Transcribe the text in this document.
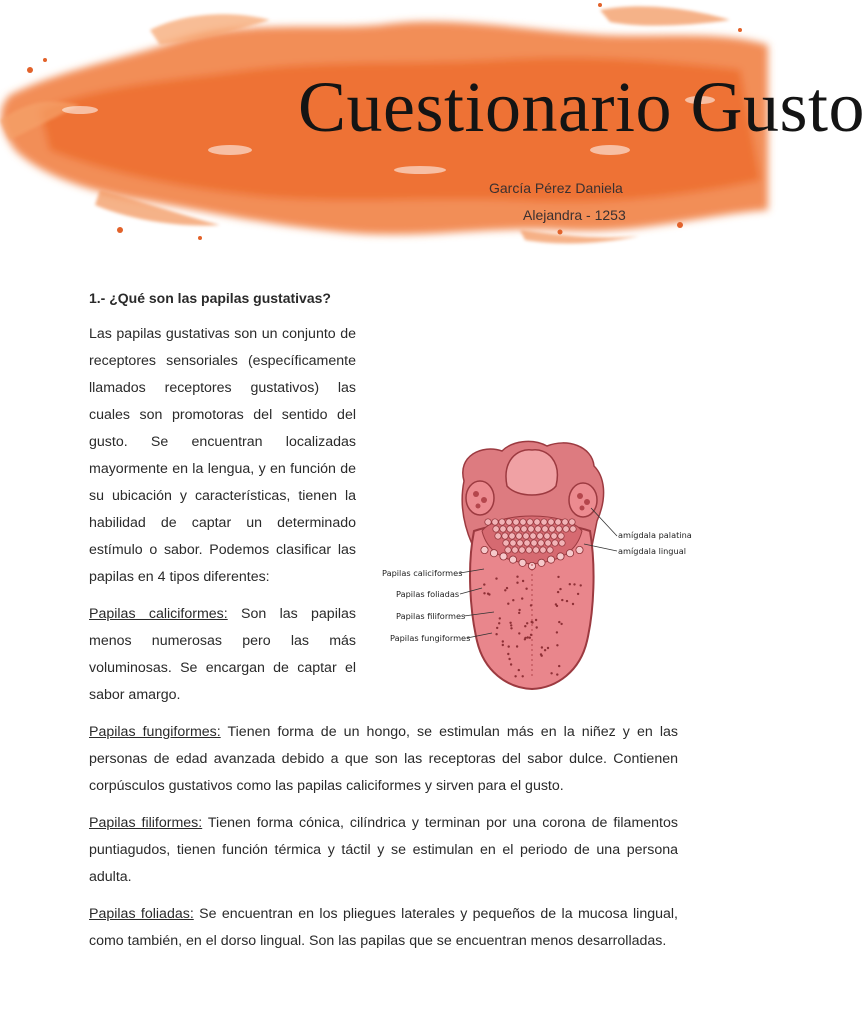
Cuestionario Gusto
García Pérez Daniela
Alejandra - 1253

1.- ¿Qué son las papilas gustativas?

Las papilas gustativas son un conjunto de receptores sensoriales (específicamente llamados receptores gustativos) las cuales son promotoras del sentido del gusto. Se encuentran localizadas mayormente en la lengua, y en función de su ubicación y características, tienen la habilidad de captar un determinado estímulo o sabor. Podemos clasificar las papilas en 4 tipos diferentes:

Papilas caliciformes: Son las papilas menos numerosas pero las más voluminosas. Se encargan de captar el sabor amargo.

Papilas fungiformes: Tienen forma de un hongo, se estimulan más en la niñez y en las personas de edad avanzada debido a que son las receptoras del sabor dulce. Contienen corpúsculos gustativos como las papilas caliciformes y sirven para el gusto.

Papilas filiformes: Tienen forma cónica, cilíndrica y terminan por una corona de filamentos puntiagudos, tienen función térmica y táctil y se estimulan en el periodo de una persona adulta.

Papilas foliadas: Se encuentran en los pliegues laterales y pequeños de la mucosa lingual, como también, en el dorso lingual. Son las papilas que se encuentran menos desarrolladas.

amígdala palatina
amígdala lingual
Papilas caliciformes
Papilas foliadas
Papilas filiformes
Papilas fungiformes
